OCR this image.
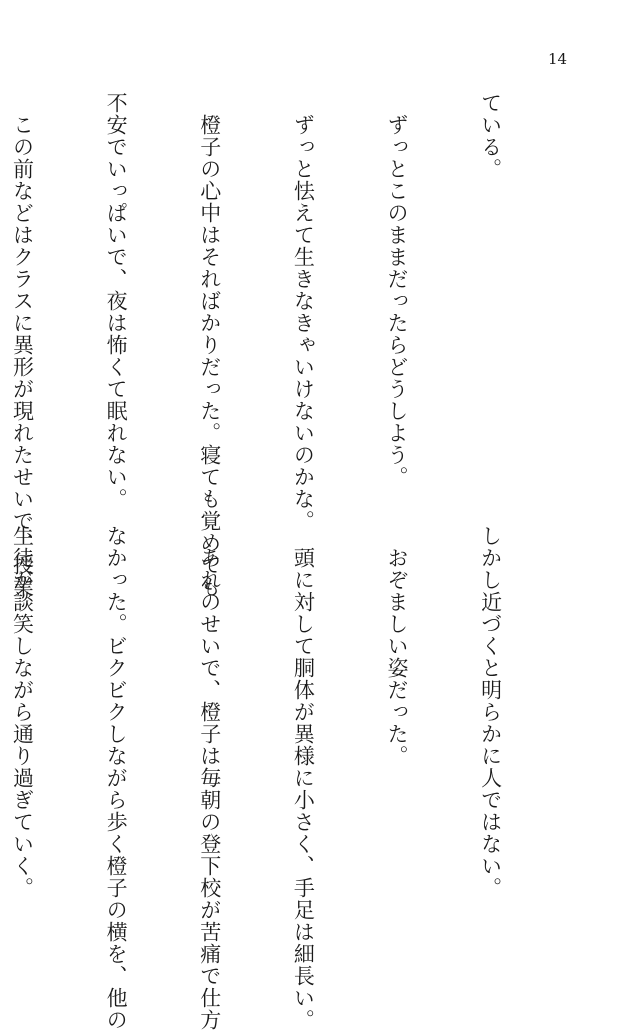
14

ている。

　ずっとこのままだったらどうしよう。

　ずっと怯えて生きなきゃいけないのかな。

　橙子の心中はそればかりだった。寝ても覚めても

不安でいっぱいで、夜は怖くて眠れない。

　この前などはクラスに異形が現れたせいで、授業

しかし近づくと明らかに人ではない。

　おぞましい姿だった。

　頭に対して胴体が異様に小さく、手足は細長い。

　あれのせいで、橙子は毎朝の登下校が苦痛で仕方

なかった。ビクビクしながら歩く橙子の横を、他の

生徒が談笑しながら通り過ぎていく。
